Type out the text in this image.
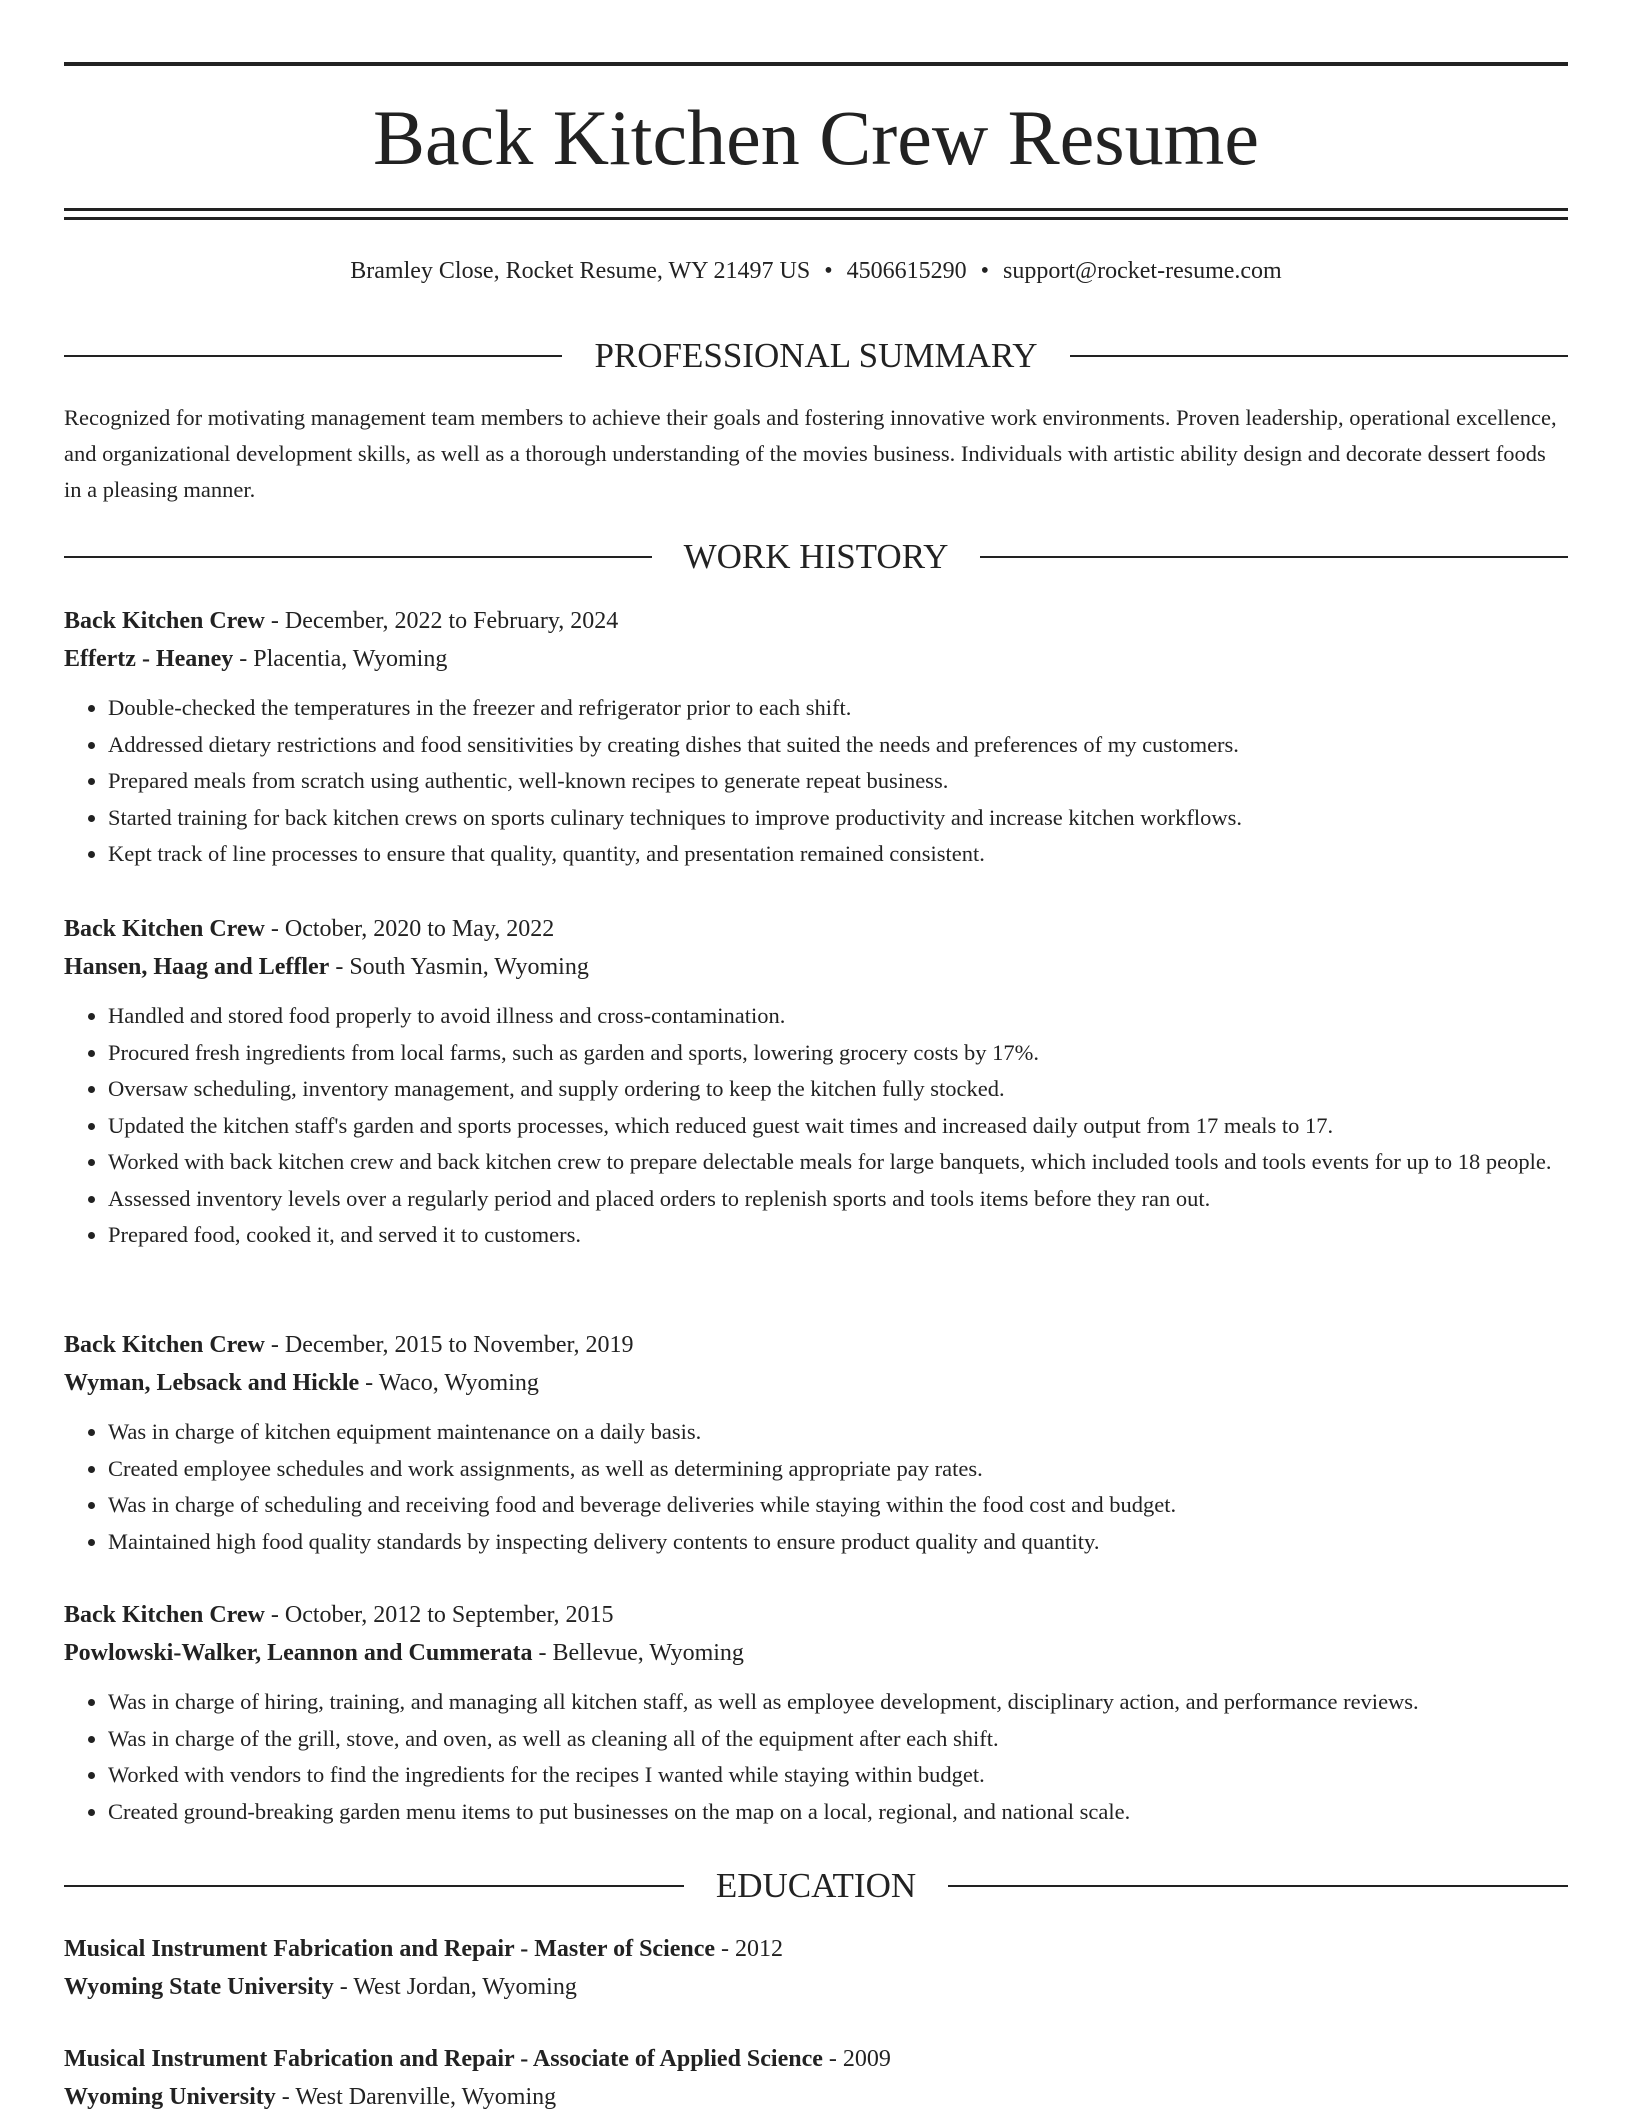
Back Kitchen Crew Resume
Bramley Close, Rocket Resume, WY 21497 US • 4506615290 • support@rocket-resume.com
PROFESSIONAL SUMMARY

Recognized for motivating management team members to achieve their goals and fostering innovative work environments. Proven leadership, operational excellence, and organizational development skills, as well as a thorough understanding of the movies business. Individuals with artistic ability design and decorate dessert foods in a pleasing manner.

WORK HISTORY

Back Kitchen Crew - December, 2022 to February, 2024

Effertz - Heaney - Placentia, Wyoming

• Double-checked the temperatures in the freezer and refrigerator prior to each shift.
• Addressed dietary restrictions and food sensitivities by creating dishes that suited the needs and preferences of my customers.
• Prepared meals from scratch using authentic, well-known recipes to generate repeat business.
• Started training for back kitchen crews on sports culinary techniques to improve productivity and increase kitchen workflows.
• Kept track of line processes to ensure that quality, quantity, and presentation remained consistent.

Back Kitchen Crew - October, 2020 to May, 2022

Hansen, Haag and Leffler - South Yasmin, Wyoming

• Handled and stored food properly to avoid illness and cross-contamination.
• Procured fresh ingredients from local farms, such as garden and sports, lowering grocery costs by 17%.
• Oversaw scheduling, inventory management, and supply ordering to keep the kitchen fully stocked.
• Updated the kitchen staff's garden and sports processes, which reduced guest wait times and increased daily output from 17 meals to 17.
• Worked with back kitchen crew and back kitchen crew to prepare delectable meals for large banquets, which included tools and tools events for up to 18 people.
• Assessed inventory levels over a regularly period and placed orders to replenish sports and tools items before they ran out.
• Prepared food, cooked it, and served it to customers.

Back Kitchen Crew - December, 2015 to November, 2019

Wyman, Lebsack and Hickle - Waco, Wyoming

• Was in charge of kitchen equipment maintenance on a daily basis.
• Created employee schedules and work assignments, as well as determining appropriate pay rates.
• Was in charge of scheduling and receiving food and beverage deliveries while staying within the food cost and budget.
• Maintained high food quality standards by inspecting delivery contents to ensure product quality and quantity.

Back Kitchen Crew - October, 2012 to September, 2015

Powlowski-Walker, Leannon and Cummerata - Bellevue, Wyoming

• Was in charge of hiring, training, and managing all kitchen staff, as well as employee development, disciplinary action, and performance reviews.
• Was in charge of the grill, stove, and oven, as well as cleaning all of the equipment after each shift.
• Worked with vendors to find the ingredients for the recipes I wanted while staying within budget.
• Created ground-breaking garden menu items to put businesses on the map on a local, regional, and national scale.
EDUCATION

Musical Instrument Fabrication and Repair - Master of Science - 2012

Wyoming State University - West Jordan, Wyoming

Musical Instrument Fabrication and Repair - Associate of Applied Science - 2009

Wyoming University - West Darenville, Wyoming
